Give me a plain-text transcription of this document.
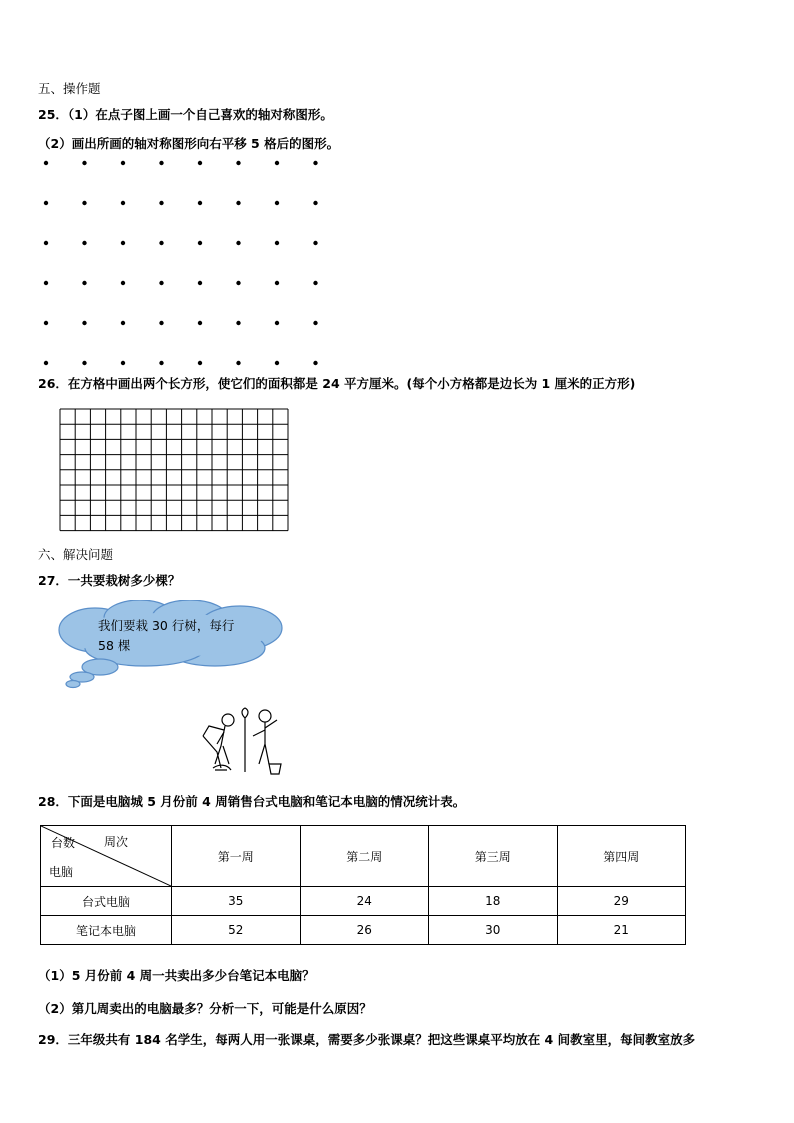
五、操作题
25．（1）在点子图上画一个自己喜欢的轴对称图形。
（2）画出所画的轴对称图形向右平移 5 格后的图形。
26．在方格中画出两个长方形，使它们的面积都是 24 平方厘米。(每个小方格都是边长为 1 厘米的正方形)
六、解决问题
27．一共要栽树多少棵？
我们要栽 30 行树，每行 58 棵
28．下面是电脑城 5 月份前 4 周销售台式电脑和笔记本电脑的情况统计表。
台数 周次
电脑	第一周	第二周	第三周	第四周
台式电脑	35	24	18	29
笔记本电脑	52	26	30	21
（1）5 月份前 4 周一共卖出多少台笔记本电脑？
（2）第几周卖出的电脑最多？分析一下，可能是什么原因？
29．三年级共有 184 名学生，每两人用一张课桌，需要多少张课桌？把这些课桌平均放在 4 间教室里，每间教室放多
